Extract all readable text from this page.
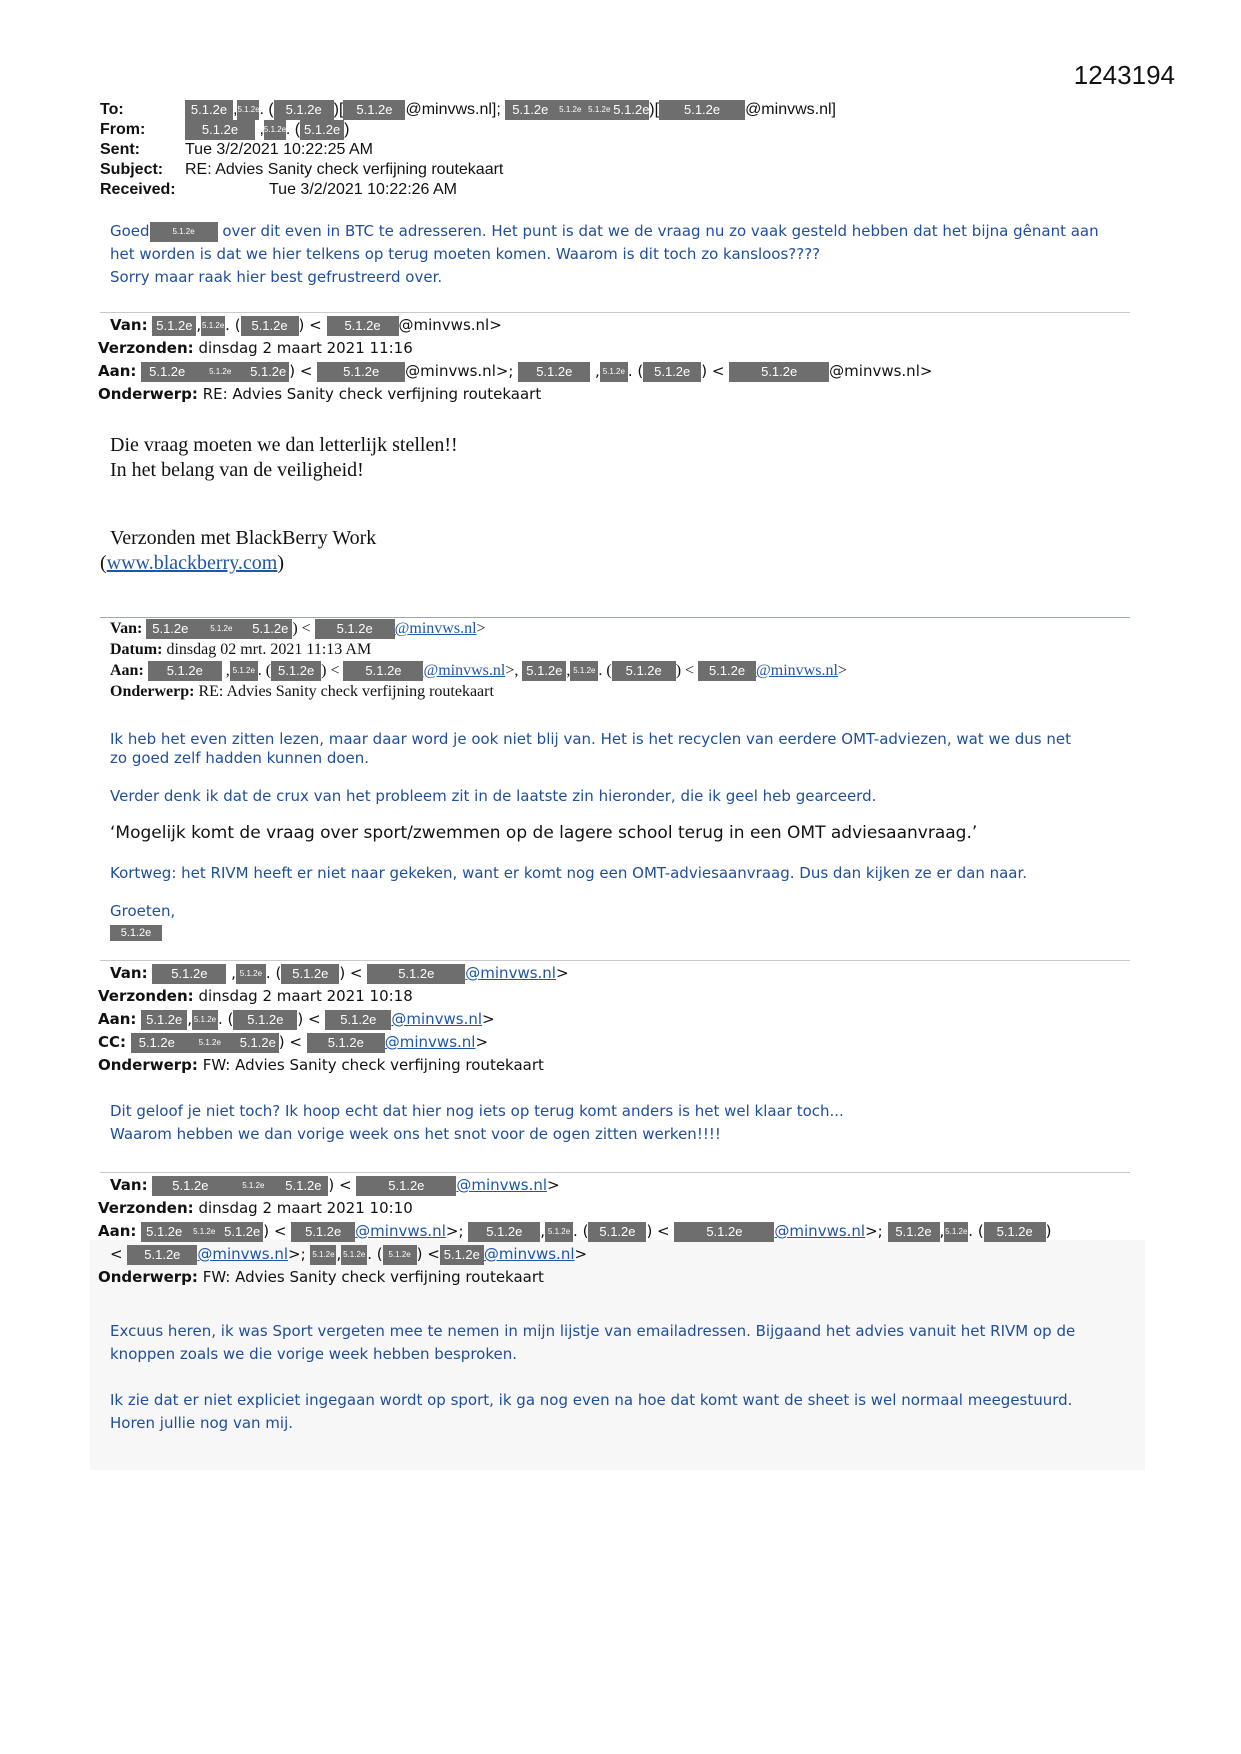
1243194
To:	5.1.2e ,5.1.2e. ( 5.1.2e )[ 5.1.2e @minvws.nl]; 5.1.2e 5.1.2e 5.1.2e 5.1.2e)[ 5.1.2e @minvws.nl]
From:	5.1.2e ,5.1.2e. ( 5.1.2e )
Sent:	Tue 3/2/2021 10:22:25 AM
Subject: RE: Advies Sanity check verfijning routekaart
Received:	Tue 3/2/2021 10:22:26 AM
Goed	5.1.2e over dit even in BTC te adresseren. Het punt is dat we de vraag nu zo vaak gesteld hebben dat het bijna gênant aan
het worden is dat we hier telkens op terug moeten komen. Waarom is dit toch zo kansloos????
Sorry maar raak hier best gefrustreerd over.
Van: 5.1.2e ,5.1.2e. ( 5.1.2e ) < 5.1.2e @minvws.nl>
Verzonden: dinsdag 2 maart 2021 11:16
Aan: 5.1.2e	5.1.2e 5.1.2e ) < 5.1.2e @minvws.nl>; 5.1.2e , 5.1.2e . ( 5.1.2e ) < 5.1.2e @minvws.nl>
Onderwerp: RE: Advies Sanity check verfijning routekaart
Die vraag moeten we dan letterlijk stellen!!
In het belang van de veiligheid!
Verzonden met BlackBerry Work
(www.blackberry.com)
Van: 5.1.2e	5.1.2e 5.1.2e ) < 5.1.2e @minvws.nl>
Datum: dinsdag 02 mrt. 2021 11:13 AM
Aan: 5.1.2e , 5.1.2e . ( 5.1.2e ) < 5.1.2e @minvws.nl>, 5.1.2e , 5.1.2e . ( 5.1.2e ) < 5.1.2e @minvws.nl>
Onderwerp: RE: Advies Sanity check verfijning routekaart
Ik heb het even zitten lezen, maar daar word je ook niet blij van. Het is het recyclen van eerdere OMT-adviezen, wat we dus net
zo goed zelf hadden kunnen doen.
Verder denk ik dat de crux van het probleem zit in de laatste zin hieronder, die ik geel heb gearceerd.
‘Mogelijk komt de vraag over sport/zwemmen op de lagere school terug in een OMT adviesaanvraag.’
Kortweg: het RIVM heeft er niet naar gekeken, want er komt nog een OMT-adviesaanvraag. Dus dan kijken ze er dan naar.
Groeten,
5.1.2e
Van: 5.1.2e , 5.1.2e . ( 5.1.2e ) < 5.1.2e @minvws.nl>
Verzonden: dinsdag 2 maart 2021 10:18
Aan: 5.1.2e , 5.1.2e . ( 5.1.2e ) < 5.1.2e @minvws.nl>
CC: 5.1.2e	5.1.2e 5.1.2e ) < 5.1.2e @minvws.nl>
Onderwerp: FW: Advies Sanity check verfijning routekaart
Dit geloof je niet toch? Ik hoop echt dat hier nog iets op terug komt anders is het wel klaar toch...
Waarom hebben we dan vorige week ons het snot voor de ogen zitten werken!!!!
Van: 5.1.2e	5.1.2e 5.1.2e ) < 5.1.2e @minvws.nl>
Verzonden: dinsdag 2 maart 2021 10:10
Aan: 5.1.2e 5.1.2e 5.1.2e ) < 5.1.2e @minvws.nl>; 5.1.2e , 5.1.2e . ( 5.1.2e ) < 5.1.2e @minvws.nl>; 5.1.2e ,5.1.2e. ( 5.1.2e )
< 5.1.2e @minvws.nl>; 5.1.2e , 5.1.2e . ( 5.1.2e ) < 5.1.2e @minvws.nl>
Onderwerp: FW: Advies Sanity check verfijning routekaart
Excuus heren, ik was Sport vergeten mee te nemen in mijn lijstje van emailadressen. Bijgaand het advies vanuit het RIVM op de
knoppen zoals we die vorige week hebben besproken.
Ik zie dat er niet expliciet ingegaan wordt op sport, ik ga nog even na hoe dat komt want de sheet is wel normaal meegestuurd.
Horen jullie nog van mij.
